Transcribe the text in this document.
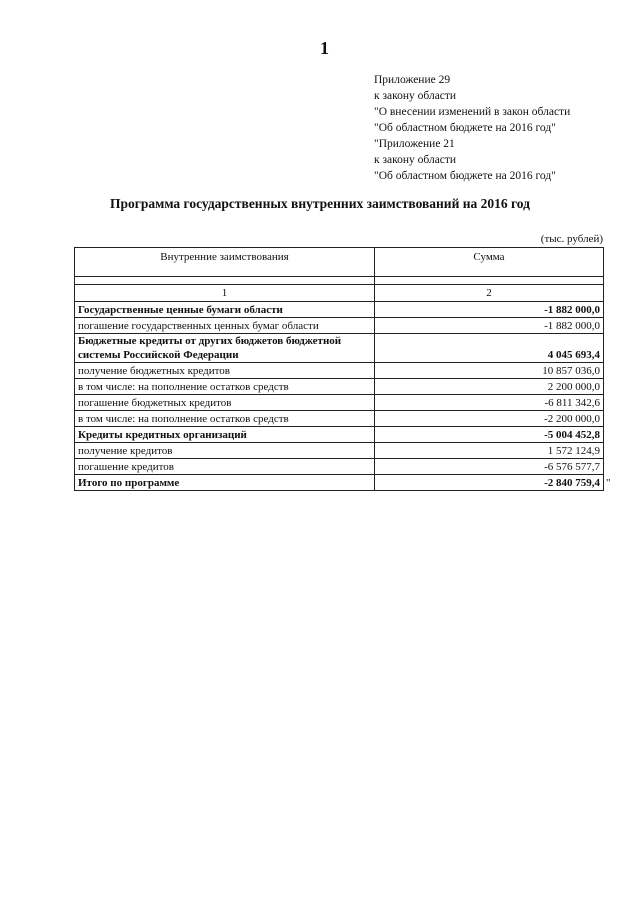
1
Приложение 29
к закону области
"О внесении изменений в закон области
"Об областном бюджете на 2016 год"
"Приложение 21
к закону области
"Об областном бюджете на 2016 год"
Программа государственных внутренних заимствований на 2016 год
(тыс. рублей)
Внутренние заимствования	Сумма

1	2
Государственные ценные бумаги области	-1 882 000,0
погашение государственных ценных бумаг области	-1 882 000,0
Бюджетные кредиты от других бюджетов бюджетной системы Российской Федерации	4 045 693,4
получение бюджетных кредитов	10 857 036,0
в том числе: на пополнение остатков средств	2 200 000,0
погашение бюджетных кредитов	-6 811 342,6
в том числе: на пополнение остатков средств	-2 200 000,0
Кредиты кредитных организаций	-5 004 452,8
получение кредитов	1 572 124,9
погашение кредитов	-6 576 577,7
Итого по программе	-2 840 759,4 "
